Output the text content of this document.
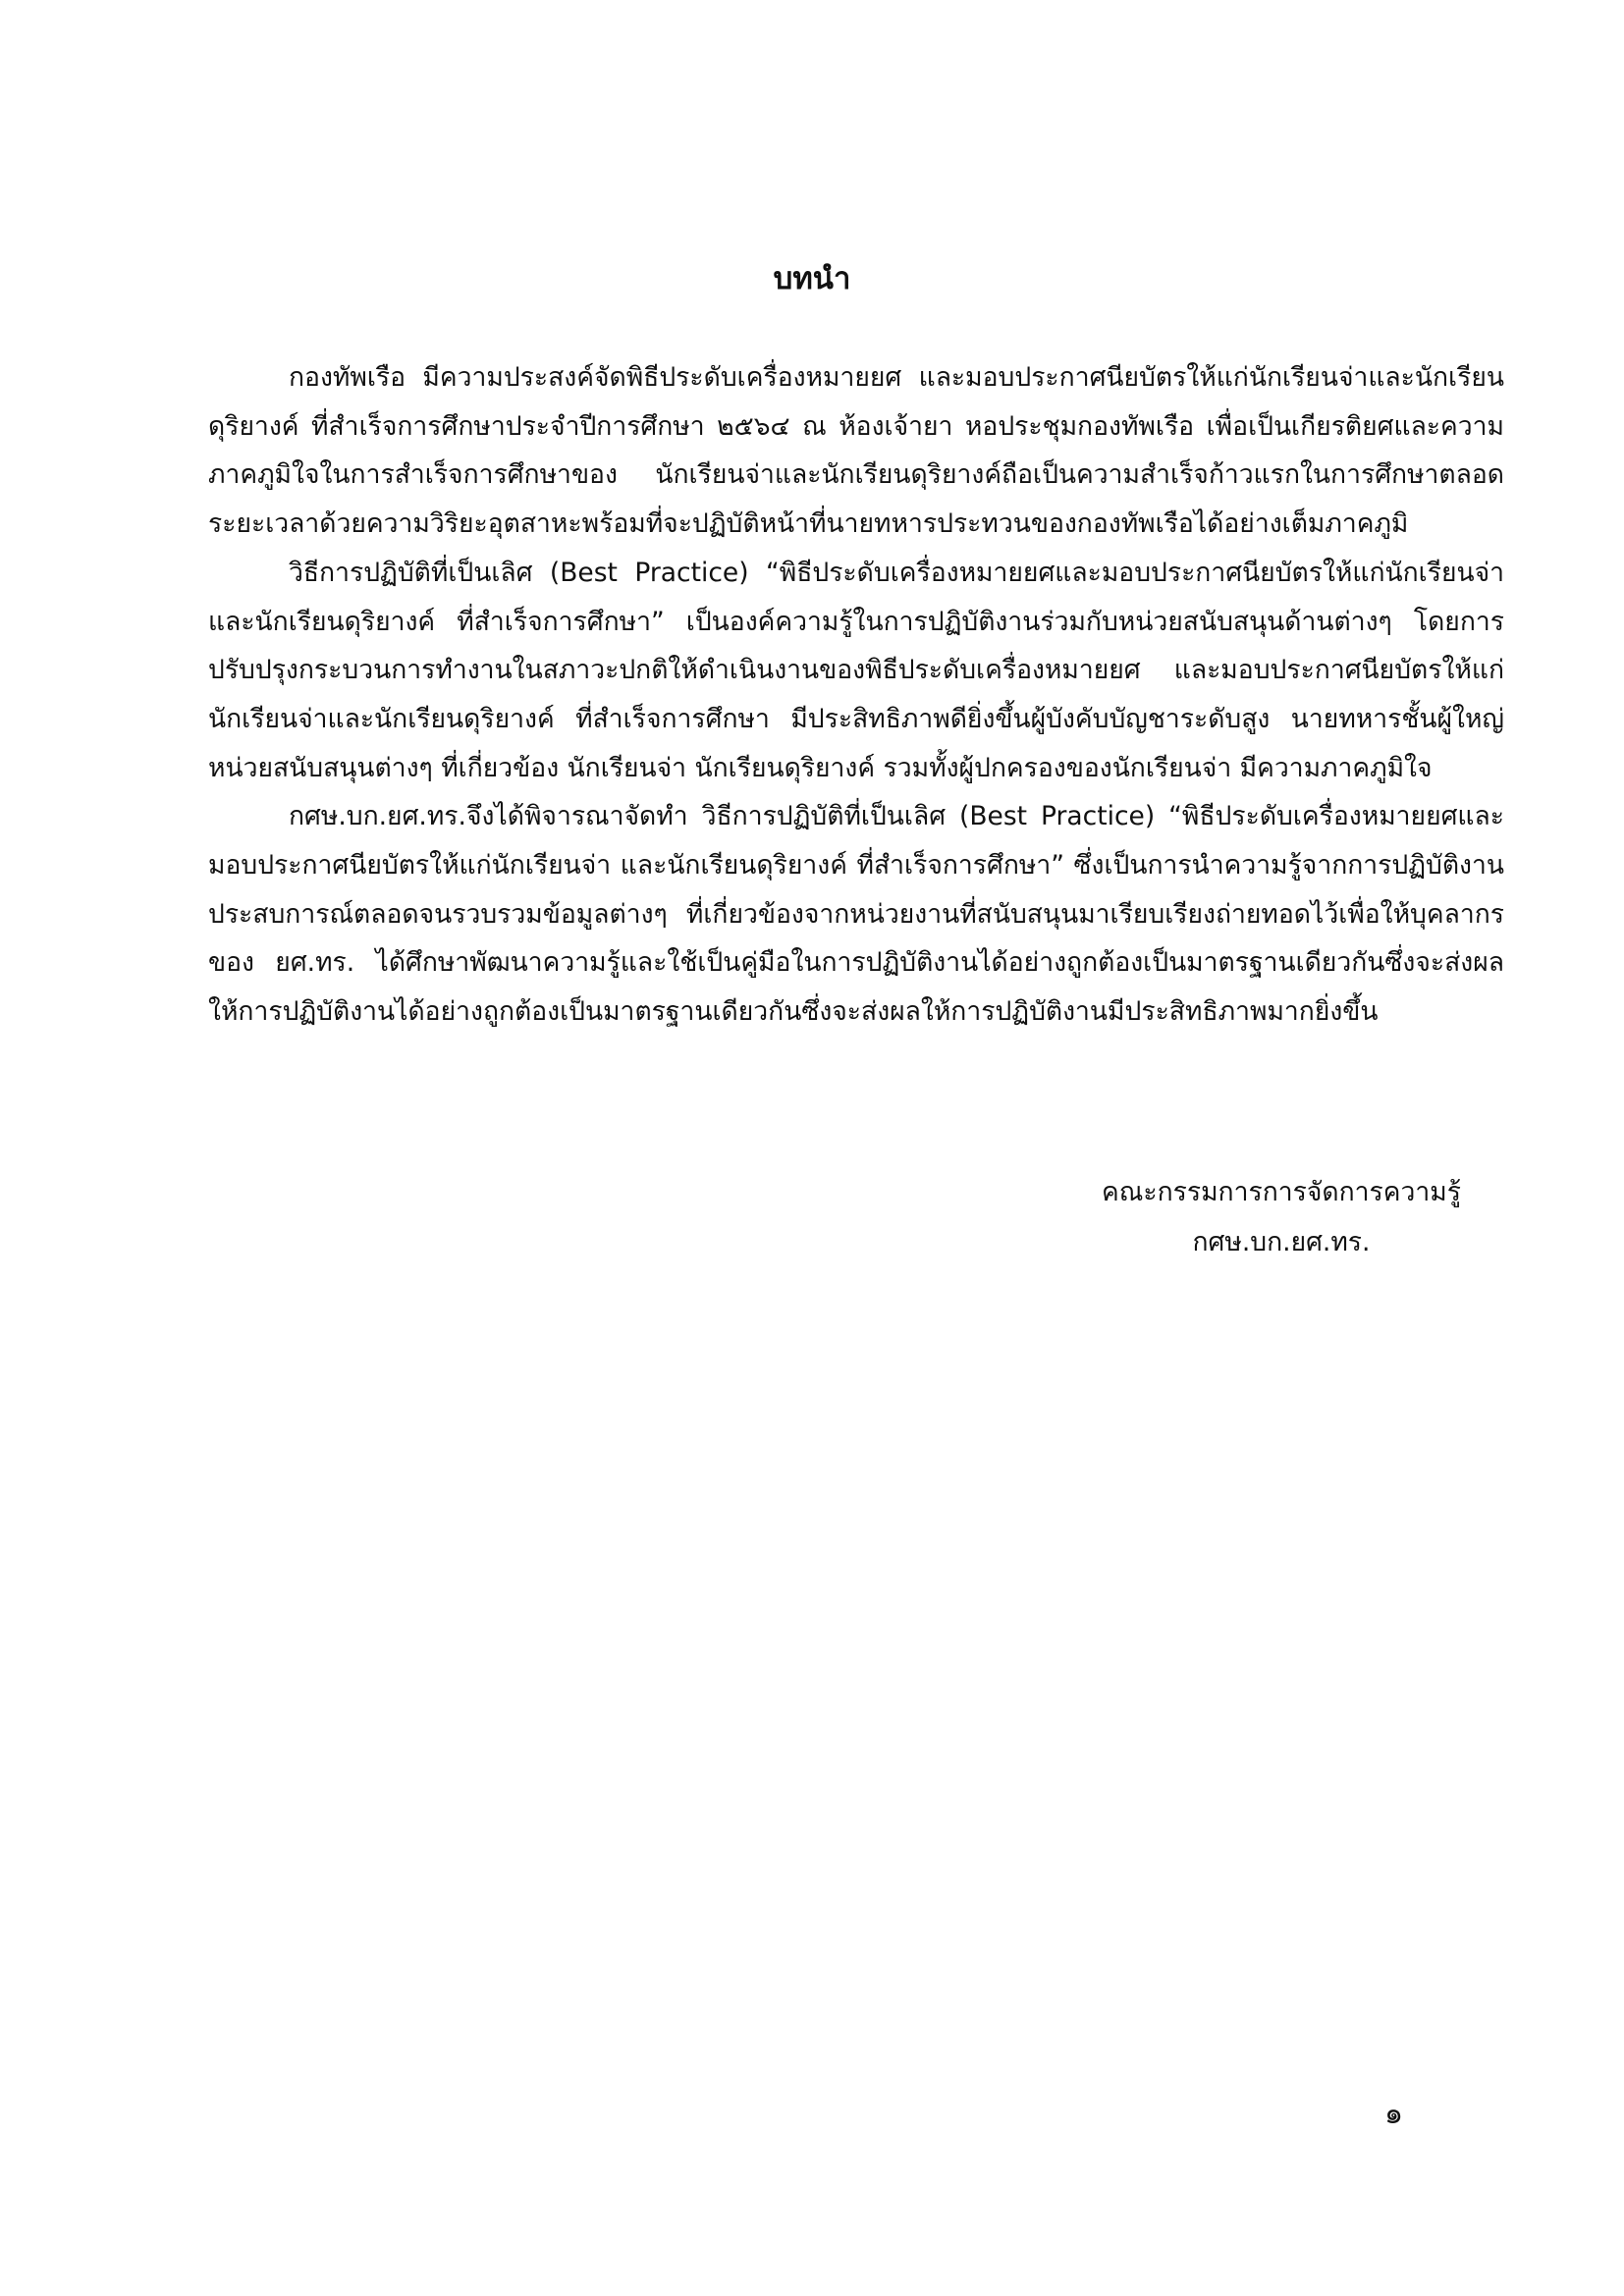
บทนำ

กองทัพเรือ มีความประสงค์จัดพิธีประดับเครื่องหมายยศ และมอบประกาศนียบัตรให้แก่นักเรียนจ่าและนักเรียนดุริยางค์ ที่สำเร็จการศึกษาประจำปีการศึกษา ๒๕๖๔ ณ ห้องเจ้ายา หอประชุมกองทัพเรือ เพื่อเป็นเกียรติยศและความภาคภูมิใจในการสำเร็จการศึกษาของ นักเรียนจ่าและนักเรียนดุริยางค์ถือเป็นความสำเร็จก้าวแรกในการศึกษาตลอดระยะเวลาด้วยความวิริยะอุตสาหะพร้อมที่จะปฏิบัติหน้าที่นายทหารประทวนของกองทัพเรือได้อย่างเต็มภาคภูมิ

วิธีการปฏิบัติที่เป็นเลิศ (Best Practice) “พิธีประดับเครื่องหมายยศและมอบประกาศนียบัตรให้แก่นักเรียนจ่าและนักเรียนดุริยางค์ ที่สำเร็จการศึกษา” เป็นองค์ความรู้ในการปฏิบัติงานร่วมกับหน่วยสนับสนุนด้านต่างๆ โดยการปรับปรุงกระบวนการทำงานในสภาวะปกติให้ดำเนินงานของพิธีประดับเครื่องหมายยศ และมอบประกาศนียบัตรให้แก่นักเรียนจ่าและนักเรียนดุริยางค์ ที่สำเร็จการศึกษา มีประสิทธิภาพดียิ่งขึ้นผู้บังคับบัญชาระดับสูง นายทหารชั้นผู้ใหญ่ หน่วยสนับสนุนต่างๆ ที่เกี่ยวข้อง นักเรียนจ่า นักเรียนดุริยางค์ รวมทั้งผู้ปกครองของนักเรียนจ่า มีความภาคภูมิใจ

กศษ.บก.ยศ.ทร.จึงได้พิจารณาจัดทำ วิธีการปฏิบัติที่เป็นเลิศ (Best Practice) “พิธีประดับเครื่องหมายยศและมอบประกาศนียบัตรให้แก่นักเรียนจ่า และนักเรียนดุริยางค์ ที่สำเร็จการศึกษา” ซึ่งเป็นการนำความรู้จากการปฏิบัติงานประสบการณ์ตลอดจนรวบรวมข้อมูลต่างๆ ที่เกี่ยวข้องจากหน่วยงานที่สนับสนุนมาเรียบเรียงถ่ายทอดไว้เพื่อให้บุคลากรของ ยศ.ทร. ได้ศึกษาพัฒนาความรู้และใช้เป็นคู่มือในการปฏิบัติงานได้อย่างถูกต้องเป็นมาตรฐานเดียวกันซึ่งจะส่งผลให้การปฏิบัติงานได้อย่างถูกต้องเป็นมาตรฐานเดียวกันซึ่งจะส่งผลให้การปฏิบัติงานมีประสิทธิภาพมากยิ่งขึ้น

คณะกรรมการการจัดการความรู้

กศษ.บก.ยศ.ทร.

๑
